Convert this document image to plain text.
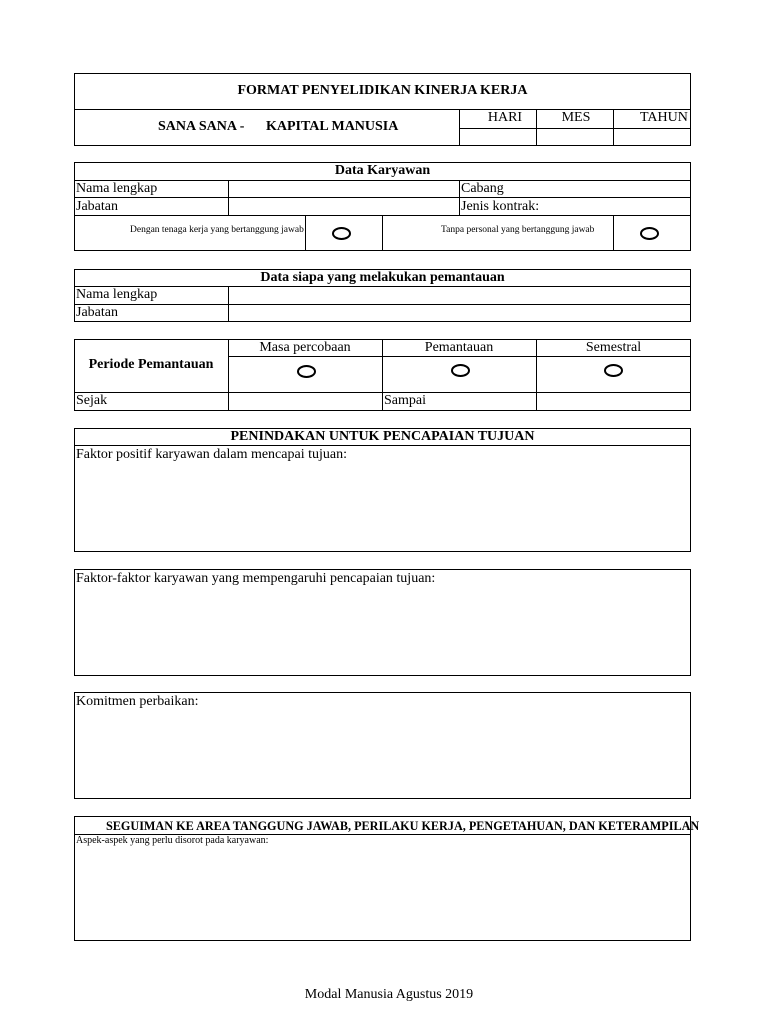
FORMAT PENYELIDIKAN KINERJA KERJA
SANA SANA - KAPITAL MANUSIA
HARI	MES	TAHUN
Data Karyawan
Nama lengkap	Cabang
Jabatan	Jenis kontrak:
Dengan tenaga kerja yang bertanggung jawab	Tanpa personal yang bertanggung jawab
Data siapa yang melakukan pemantauan
Nama lengkap
Jabatan
Periode Pemantauan
Masa percobaan	Pemantauan	Semestral
Sejak	Sampai
PENINDAKAN UNTUK PENCAPAIAN TUJUAN
Faktor positif karyawan dalam mencapai tujuan:
Faktor-faktor karyawan yang mempengaruhi pencapaian tujuan:
Komitmen perbaikan:
SEGUIMAN KE AREA TANGGUNG JAWAB, PERILAKU KERJA, PENGETAHUAN, DAN KETERAMPILAN
Aspek-aspek yang perlu disorot pada karyawan:
Modal Manusia Agustus 2019
